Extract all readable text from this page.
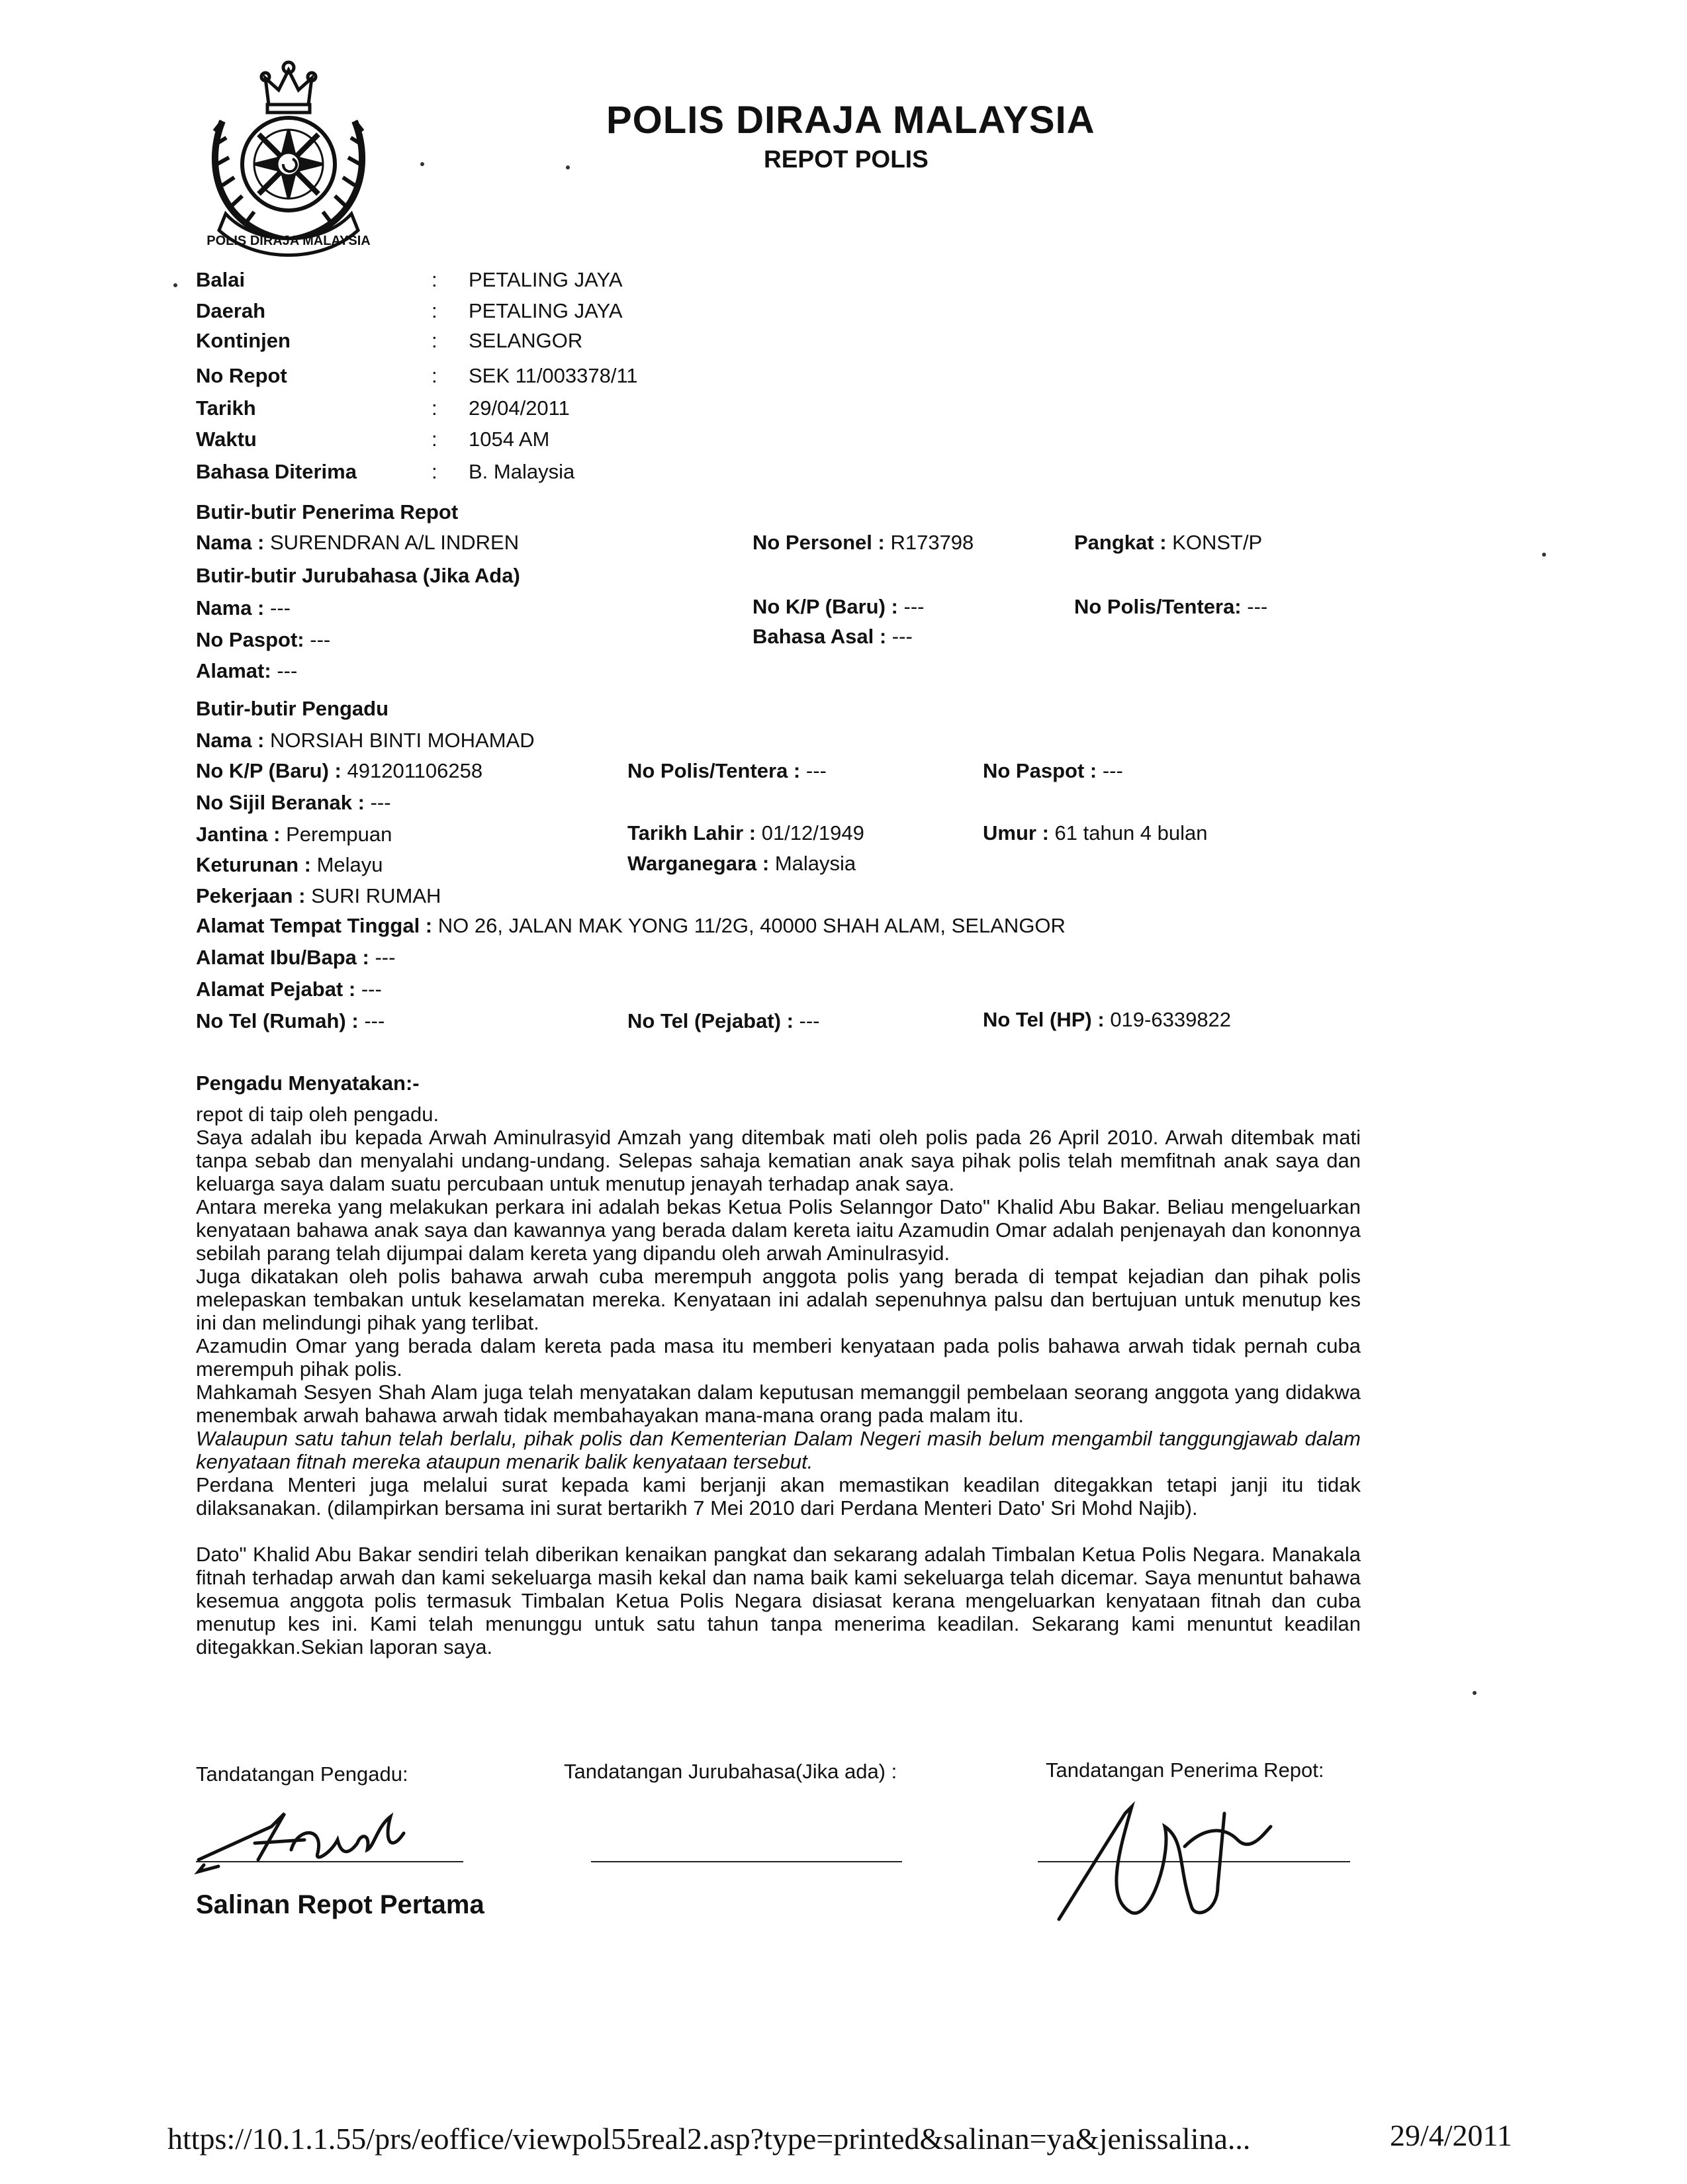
POLIS DIRAJA MALAYSIA
POLIS DIRAJA MALAYSIA
REPOT POLIS
Balai	: PETALING JAYA
Daerah	: PETALING JAYA
Kontinjen	: SELANGOR
No Repot	: SEK 11/003378/11
Tarikh	: 29/04/2011
Waktu	: 1054 AM
Bahasa Diterima	: B. Malaysia
Butir-butir Penerima Repot
Nama : SURENDRAN A/L INDREN	No Personel : R173798	Pangkat : KONST/P
Butir-butir Jurubahasa (Jika Ada)
Nama : ---	No K/P (Baru) : ---	No Polis/Tentera: ---
No Paspot: ---	Bahasa Asal : ---
Alamat: ---
Butir-butir Pengadu
Nama : NORSIAH BINTI MOHAMAD
No K/P (Baru) : 491201106258	No Polis/Tentera : ---	No Paspot : ---
No Sijil Beranak : ---
Jantina : Perempuan	Tarikh Lahir : 01/12/1949	Umur : 61 tahun 4 bulan
Keturunan : Melayu	Warganegara : Malaysia
Pekerjaan : SURI RUMAH
Alamat Tempat Tinggal : NO 26, JALAN MAK YONG 11/2G, 40000 SHAH ALAM, SELANGOR
Alamat Ibu/Bapa : ---
Alamat Pejabat : ---
No Tel (Rumah) : ---	No Tel (Pejabat) : ---	No Tel (HP) : 019-6339822
Pengadu Menyatakan:-

repot di taip oleh pengadu.

Saya adalah ibu kepada Arwah Aminulrasyid Amzah yang ditembak mati oleh polis pada 26 April 2010. Arwah ditembak mati tanpa sebab dan menyalahi undang-undang. Selepas sahaja kematian anak saya pihak polis telah memfitnah anak saya dan keluarga saya dalam suatu percubaan untuk menutup jenayah terhadap anak saya.

Antara mereka yang melakukan perkara ini adalah bekas Ketua Polis Selanngor Dato" Khalid Abu Bakar. Beliau mengeluarkan kenyataan bahawa anak saya dan kawannya yang berada dalam kereta iaitu Azamudin Omar adalah penjenayah dan kononnya sebilah parang telah dijumpai dalam kereta yang dipandu oleh arwah Aminulrasyid.

Juga dikatakan oleh polis bahawa arwah cuba merempuh anggota polis yang berada di tempat kejadian dan pihak polis melepaskan tembakan untuk keselamatan mereka. Kenyataan ini adalah sepenuhnya palsu dan bertujuan untuk menutup kes ini dan melindungi pihak yang terlibat.

Azamudin Omar yang berada dalam kereta pada masa itu memberi kenyataan pada polis bahawa arwah tidak pernah cuba merempuh pihak polis.

Mahkamah Sesyen Shah Alam juga telah menyatakan dalam keputusan memanggil pembelaan seorang anggota yang didakwa menembak arwah bahawa arwah tidak membahayakan mana-mana orang pada malam itu.

Walaupun satu tahun telah berlalu, pihak polis dan Kementerian Dalam Negeri masih belum mengambil tanggungjawab dalam kenyataan fitnah mereka ataupun menarik balik kenyataan tersebut.

Perdana Menteri juga melalui surat kepada kami berjanji akan memastikan keadilan ditegakkan tetapi janji itu tidak dilaksanakan. (dilampirkan bersama ini surat bertarikh 7 Mei 2010 dari Perdana Menteri Dato' Sri Mohd Najib).

Dato" Khalid Abu Bakar sendiri telah diberikan kenaikan pangkat dan sekarang adalah Timbalan Ketua Polis Negara. Manakala fitnah terhadap arwah dan kami sekeluarga masih kekal dan nama baik kami sekeluarga telah dicemar. Saya menuntut bahawa kesemua anggota polis termasuk Timbalan Ketua Polis Negara disiasat kerana mengeluarkan kenyataan fitnah dan cuba menutup kes ini. Kami telah menunggu untuk satu tahun tanpa menerima keadilan. Sekarang kami menuntut keadilan ditegakkan.Sekian laporan saya.

Tandatangan Pengadu:	Tandatangan Jurubahasa(Jika ada) :	Tandatangan Penerima Repot:
Salinan Repot Pertama
https://10.1.1.55/prs/eoffice/viewpol55real2.asp?type=printed&salinan=ya&jenissalina...	29/4/2011
